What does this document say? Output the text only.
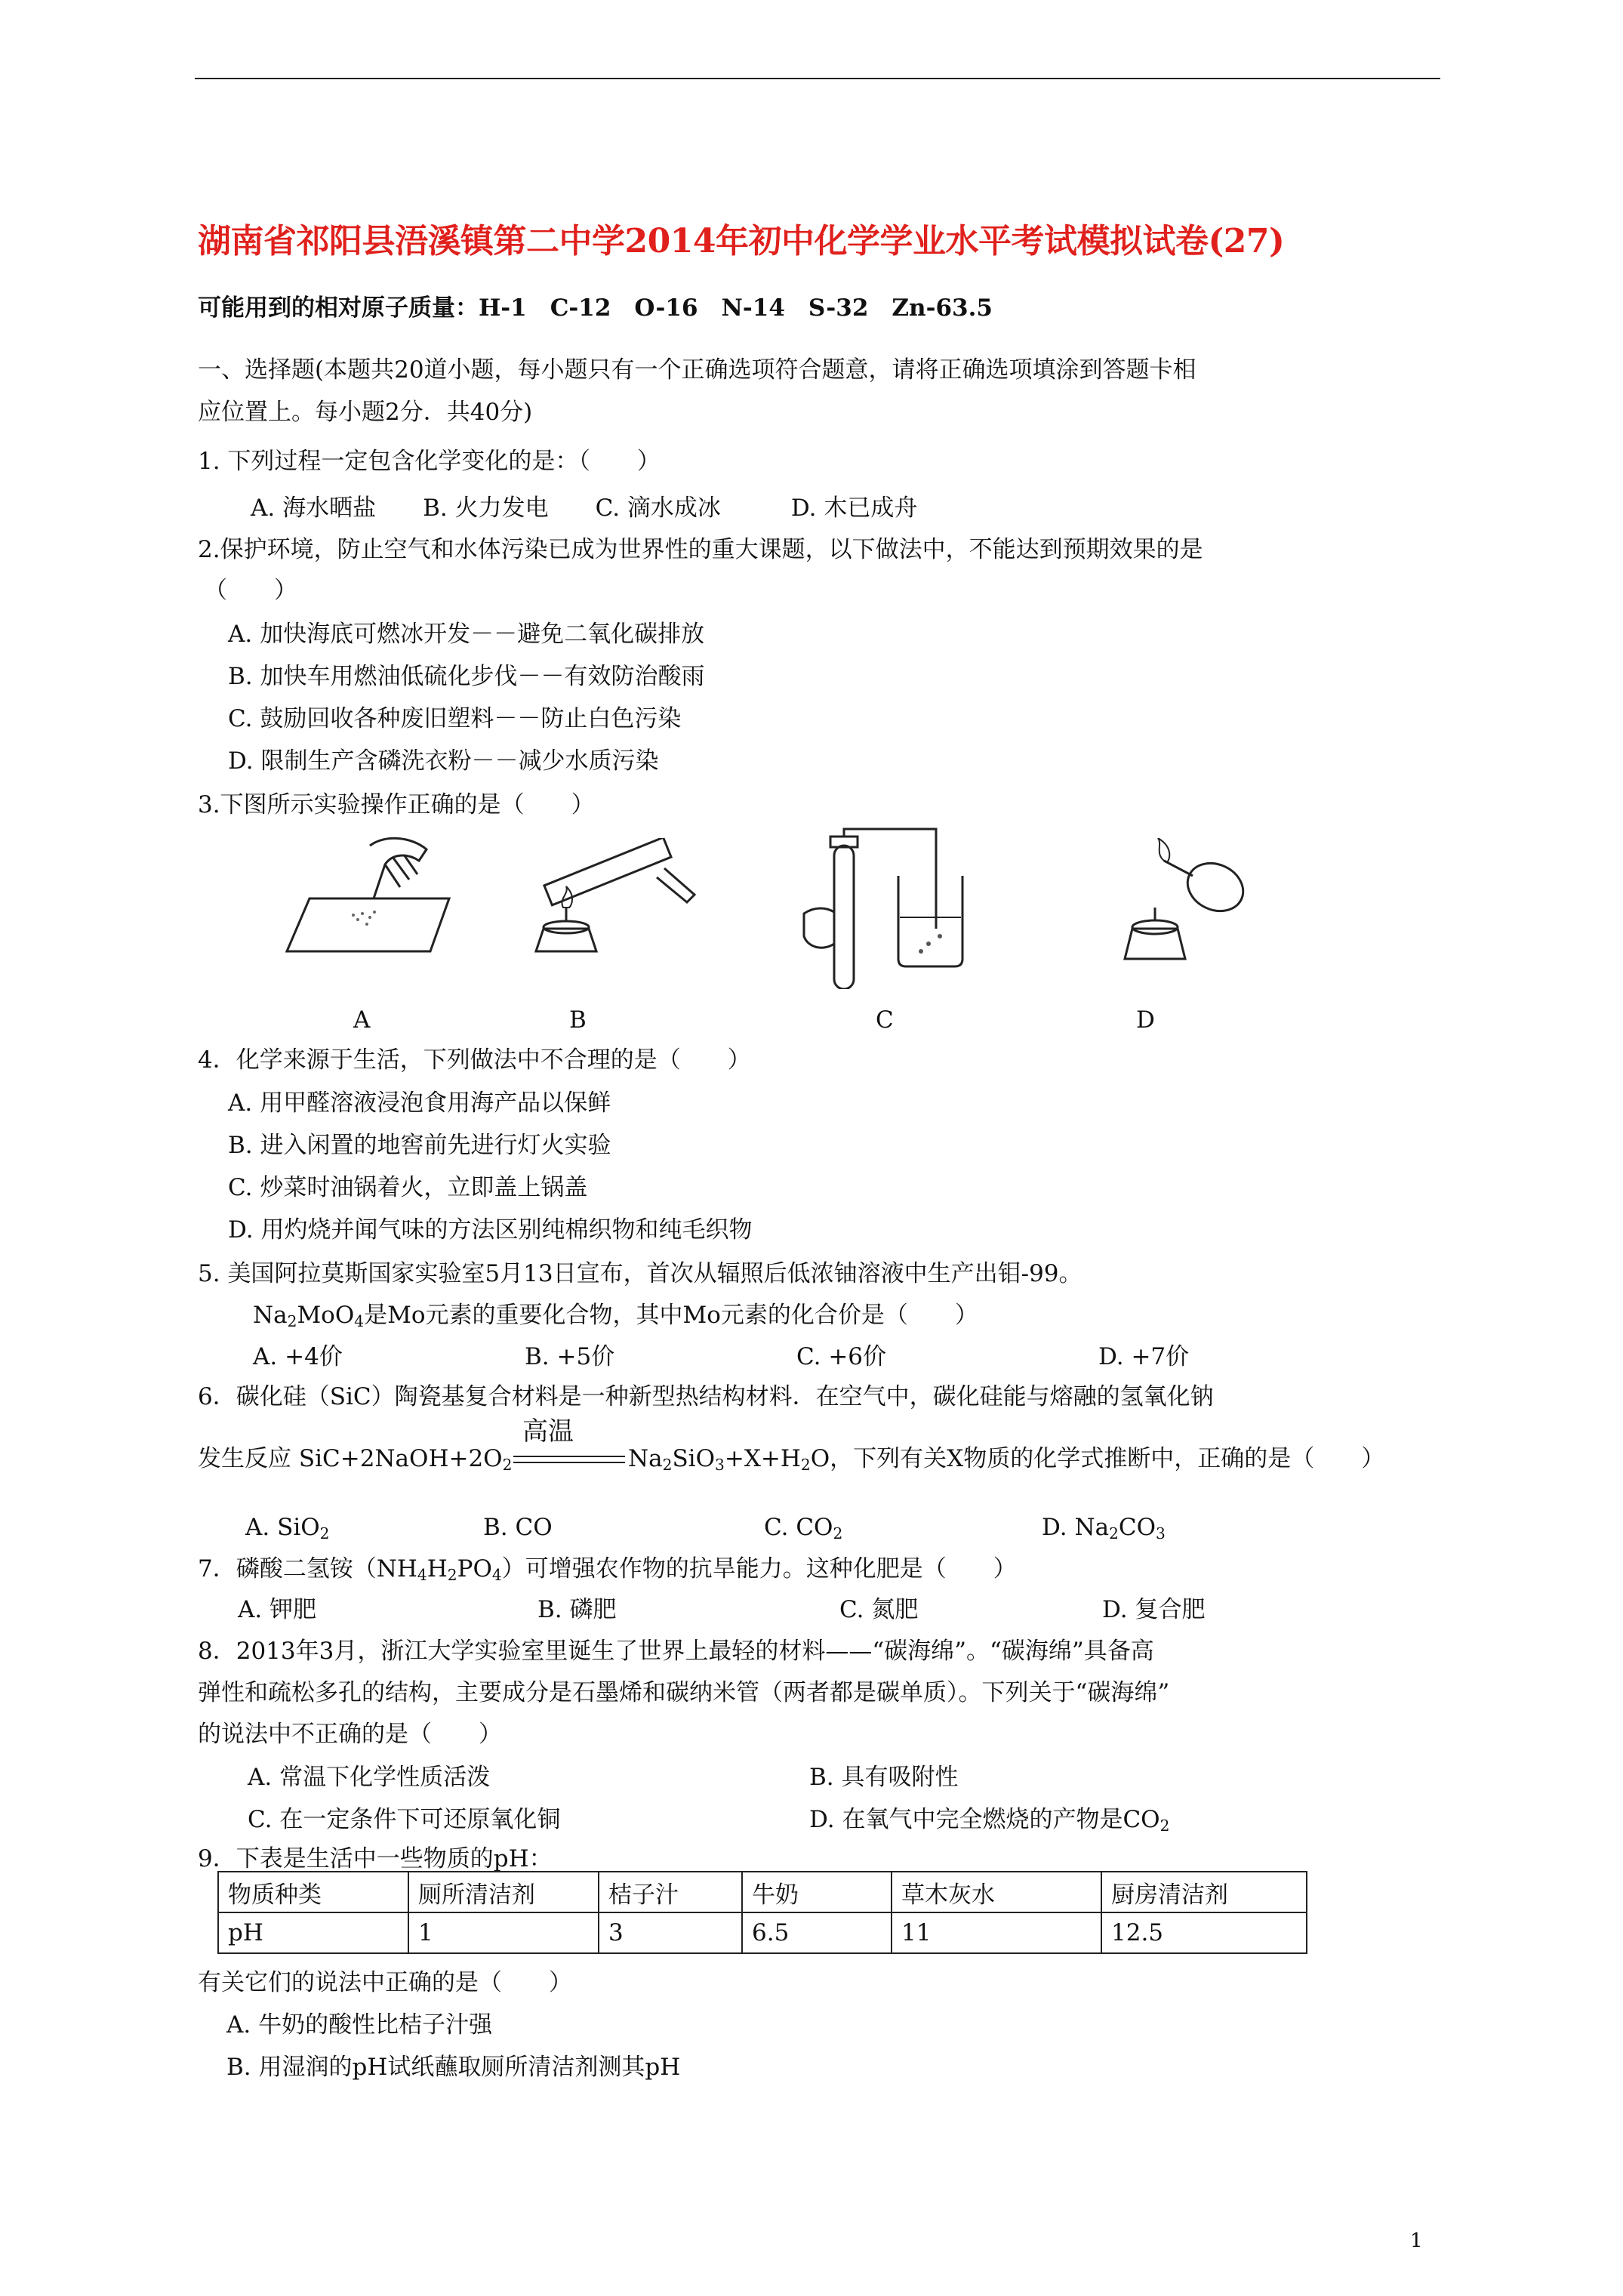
湖南省祁阳县浯溪镇第二中学2014年初中化学学业水平考试模拟试卷(27)
可能用到的相对原子质量：H-1　C-12　O-16　N-14　S-32　Zn-63.5
一、选择题(本题共20道小题，每小题只有一个正确选项符合题意，请将正确选项填涂到答题卡相
应位置上。每小题2分．共40分)
1. 下列过程一定包含化学变化的是：（　　）
A. 海水晒盐　　B. 火力发电　　C. 滴水成冰　　　D. 木已成舟
2.保护环境，防止空气和水体污染已成为世界性的重大课题，以下做法中，不能达到预期效果的是
（　　）
A. 加快海底可燃冰开发－－避免二氧化碳排放
B. 加快车用燃油低硫化步伐－－有效防治酸雨
C. 鼓励回收各种废旧塑料－－防止白色污染
D. 限制生产含磷洗衣粉－－减少水质污染
3.下图所示实验操作正确的是（　　）
A	B	C	D
4．化学来源于生活，下列做法中不合理的是（　　）
A. 用甲醛溶液浸泡食用海产品以保鲜
B. 进入闲置的地窖前先进行灯火实验
C. 炒菜时油锅着火，立即盖上锅盖
D. 用灼烧并闻气味的方法区别纯棉织物和纯毛织物
5. 美国阿拉莫斯国家实验室5月13日宣布，首次从辐照后低浓铀溶液中生产出钼-99。
$Na_2MoO_4$是Mo元素的重要化合物，其中Mo元素的化合价是（　　）
A. +4价	B. +5价	C. +6价	D. +7价
6．碳化硅（SiC）陶瓷基复合材料是一种新型热结构材料．在空气中，碳化硅能与熔融的氢氧化钠
高温
发生反应 $SiC+2NaOH+2O_2$	$Na_2SiO_3+X+H_2O$，下列有关X物质的化学式推断中，正确的是（　　）
A. SiO$_2$	B. CO	C. $CO_2$	D. $Na_2CO_3$
7．磷酸二氢铵$(NH_4H_2PO_4)$可增强农作物的抗旱能力。这种化肥是（　　）
A. 钾肥	B. 磷肥	C. 氮肥	D. 复合肥
8．2013年3月，浙江大学实验室里诞生了世界上最轻的材料——“碳海绵”。“碳海绵”具备高
弹性和疏松多孔的结构，主要成分是石墨烯和碳纳米管（两者都是碳单质）。下列关于“碳海绵”
的说法中不正确的是（　　）
A. 常温下化学性质活泼	B. 具有吸附性
C. 在一定条件下可还原氧化铜	D. 在氧气中完全燃烧的产物是$CO_2$
9．下表是生活中一些物质的pH：
物质种类	厕所清洁剂	桔子汁	牛奶	草木灰水	厨房清洁剂
pH	1	3	6.5	11	12.5
有关它们的说法中正确的是（　　）
A. 牛奶的酸性比桔子汁强
B. 用湿润的pH试纸蘸取厕所清洁剂测其pH
1
